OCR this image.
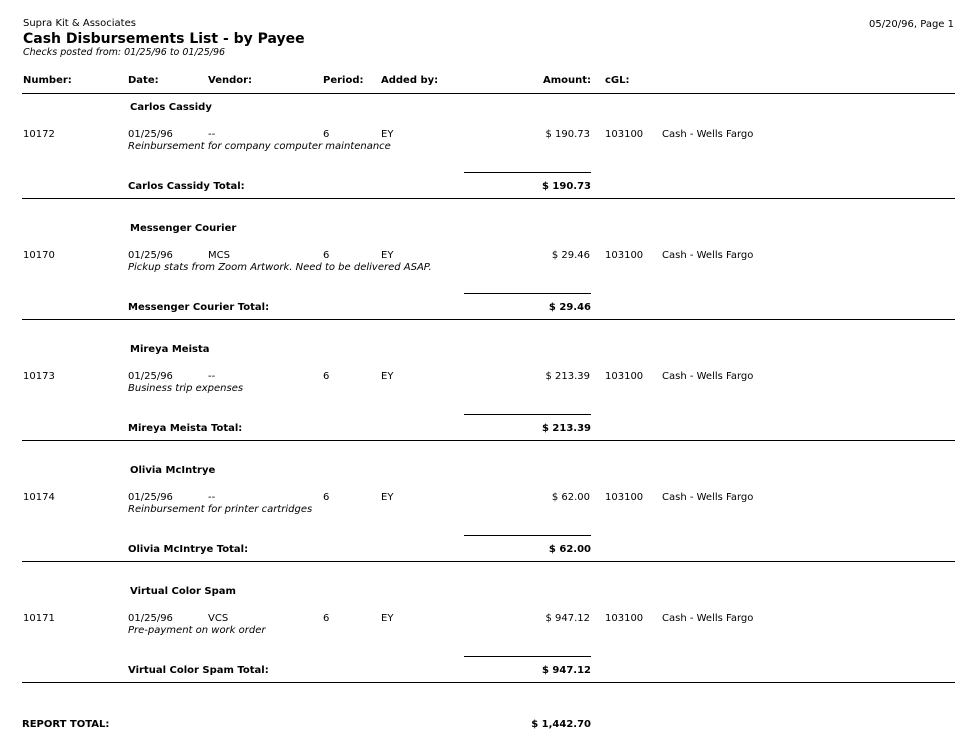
Supra Kit & Associates
Cash Disbursements List - by Payee
Checks posted from: 01/25/96 to 01/25/96
05/20/96, Page 1
Number:	Date:	Vendor:	Period: Added by:	Amount: cGL:
Carlos Cassidy
10172	01/25/96	--	6	EY	$ 190.73 103100 Cash - Wells Fargo
Reinbursement for company computer maintenance
Carlos Cassidy Total:	$ 190.73
Messenger Courier
10170	01/25/96	MCS	6	EY	$ 29.46 103100 Cash - Wells Fargo
Pickup stats from Zoom Artwork. Need to be delivered ASAP.
Messenger Courier Total:	$ 29.46
Mireya Meista
10173	01/25/96	--	6	EY	$ 213.39 103100 Cash - Wells Fargo
Business trip expenses
Mireya Meista Total:	$ 213.39
Olivia McIntrye
10174	01/25/96	--	6	EY	$ 62.00 103100 Cash - Wells Fargo
Reinbursement for printer cartridges
Olivia McIntrye Total:	$ 62.00
Virtual Color Spam
10171	01/25/96	VCS	6	EY	$ 947.12 103100 Cash - Wells Fargo
Pre-payment on work order
Virtual Color Spam Total:	$ 947.12
REPORT TOTAL:	$ 1,442.70
